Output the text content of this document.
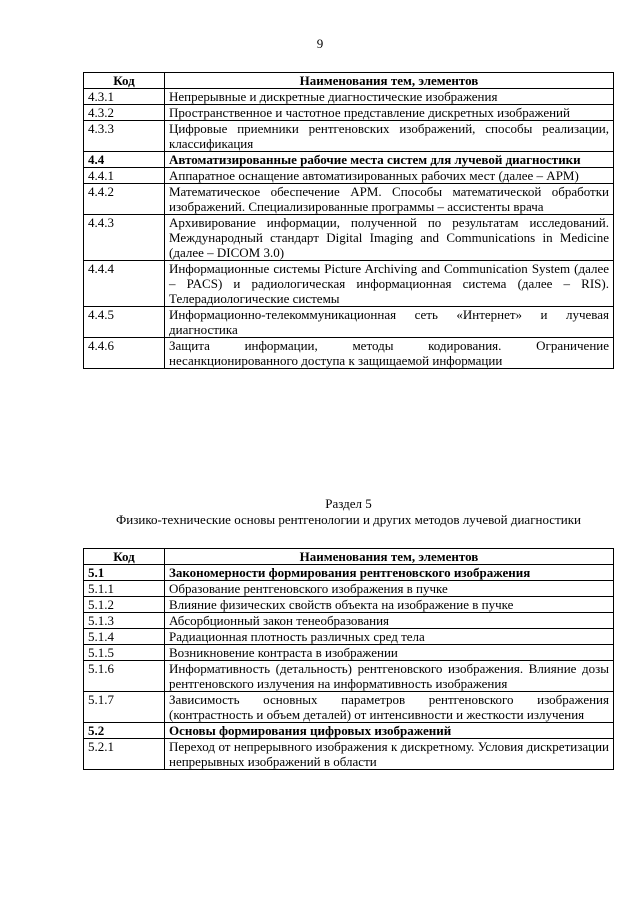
9
Код	Наименования тем, элементов
4.3.1	Непрерывные и дискретные диагностические изображения
4.3.2	Пространственное и частотное представление дискретных изображений
4.3.3	Цифровые приемники рентгеновских изображений, способы реализации, классификация
4.4	Автоматизированные рабочие места систем для лучевой диагностики
4.4.1	Аппаратное оснащение автоматизированных рабочих мест (далее – АРМ)
4.4.2	Математическое обеспечение АРМ. Способы математической обработки изображений. Специализированные программы – ассистенты врача
4.4.3	Архивирование информации, полученной по результатам исследований. Международный стандарт Digital Imaging and Communications in Medicine (далее – DICOM 3.0)
4.4.4	Информационные системы Picture Archiving and Communication System (далее – PACS) и радиологическая информационная система (далее – RIS). Телерадиологические системы
4.4.5	Информационно-телекоммуникационная сеть «Интернет» и лучевая диагностика
4.4.6	Защита информации, методы кодирования. Ограничение несанкционированного доступа к защищаемой информации
Раздел 5
Физико-технические основы рентгенологии и других методов лучевой диагностики
Код	Наименования тем, элементов
5.1	Закономерности формирования рентгеновского изображения
5.1.1	Образование рентгеновского изображения в пучке
5.1.2	Влияние физических свойств объекта на изображение в пучке
5.1.3	Абсорбционный закон тенеобразования
5.1.4	Радиационная плотность различных сред тела
5.1.5	Возникновение контраста в изображении
5.1.6	Информативность (детальность) рентгеновского изображения. Влияние дозы рентгеновского излучения на информативность изображения
5.1.7	Зависимость основных параметров рентгеновского изображения (контрастность и объем деталей) от интенсивности и жесткости излучения
5.2	Основы формирования цифровых изображений
5.2.1	Переход от непрерывного изображения к дискретному. Условия дискретизации непрерывных изображений в области
